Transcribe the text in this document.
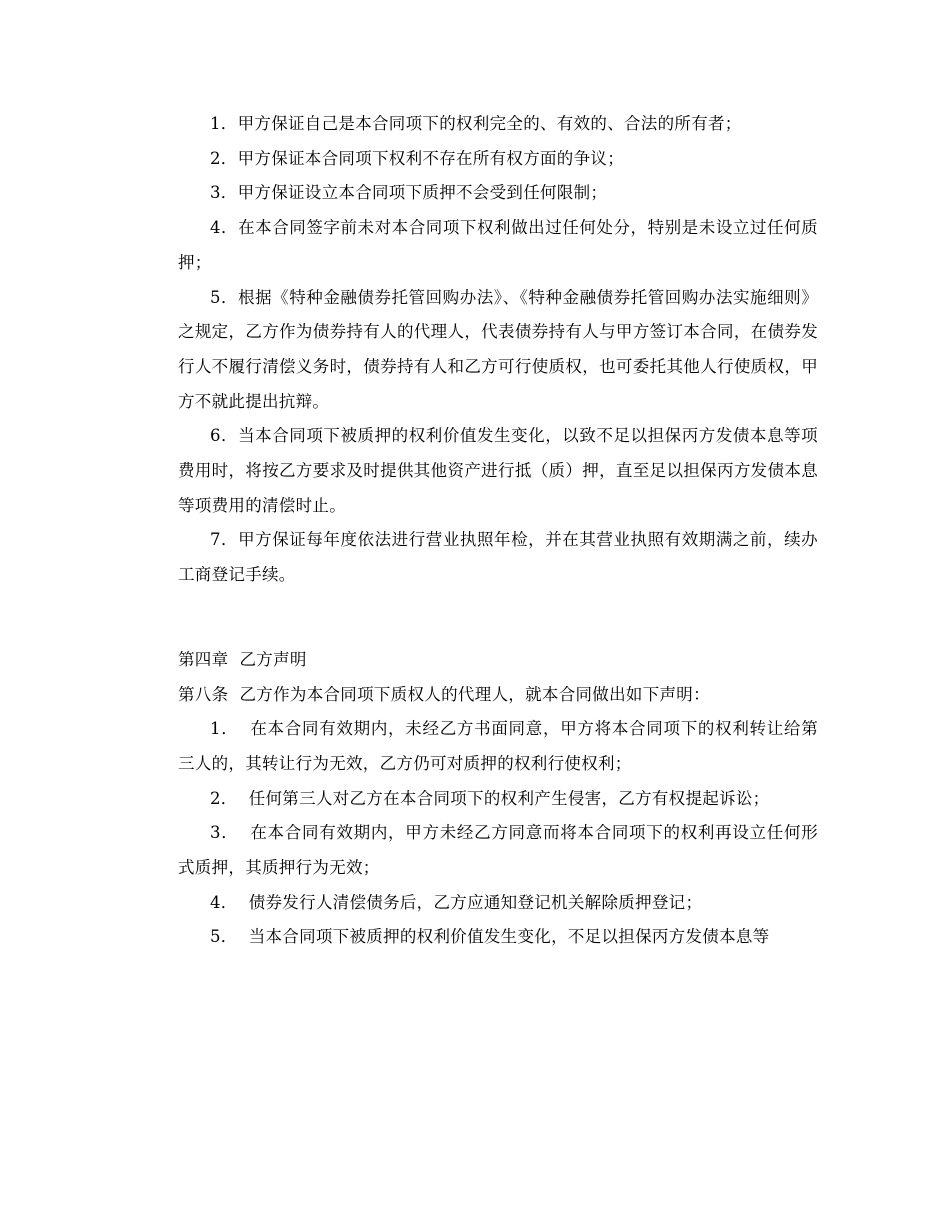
1．甲方保证自己是本合同项下的权利完全的、有效的、合法的所有者；

2．甲方保证本合同项下权利不存在所有权方面的争议；

3．甲方保证设立本合同项下质押不会受到任何限制；

4．在本合同签字前未对本合同项下权利做出过任何处分，特别是未设立过任何质押；

5．根据《特种金融债券托管回购办法》、《特种金融债券托管回购办法实施细则》之规定，乙方作为债券持有人的代理人，代表债券持有人与甲方签订本合同，在债券发行人不履行清偿义务时，债券持有人和乙方可行使质权，也可委托其他人行使质权，甲方不就此提出抗辩。

6．当本合同项下被质押的权利价值发生变化，以致不足以担保丙方发债本息等项费用时，将按乙方要求及时提供其他资产进行抵（质）押，直至足以担保丙方发债本息等项费用的清偿时止。

7．甲方保证每年度依法进行营业执照年检，并在其营业执照有效期满之前，续办工商登记手续。

第四章  乙方声明

第八条  乙方作为本合同项下质权人的代理人，就本合同做出如下声明：

1．  在本合同有效期内，未经乙方书面同意，甲方将本合同项下的权利转让给第三人的，其转让行为无效，乙方仍可对质押的权利行使权利；

2．  任何第三人对乙方在本合同项下的权利产生侵害，乙方有权提起诉讼；

3．  在本合同有效期内，甲方未经乙方同意而将本合同项下的权利再设立任何形式质押，其质押行为无效；

4．  债券发行人清偿债务后，乙方应通知登记机关解除质押登记；

5．  当本合同项下被质押的权利价值发生变化，不足以担保丙方发债本息等
